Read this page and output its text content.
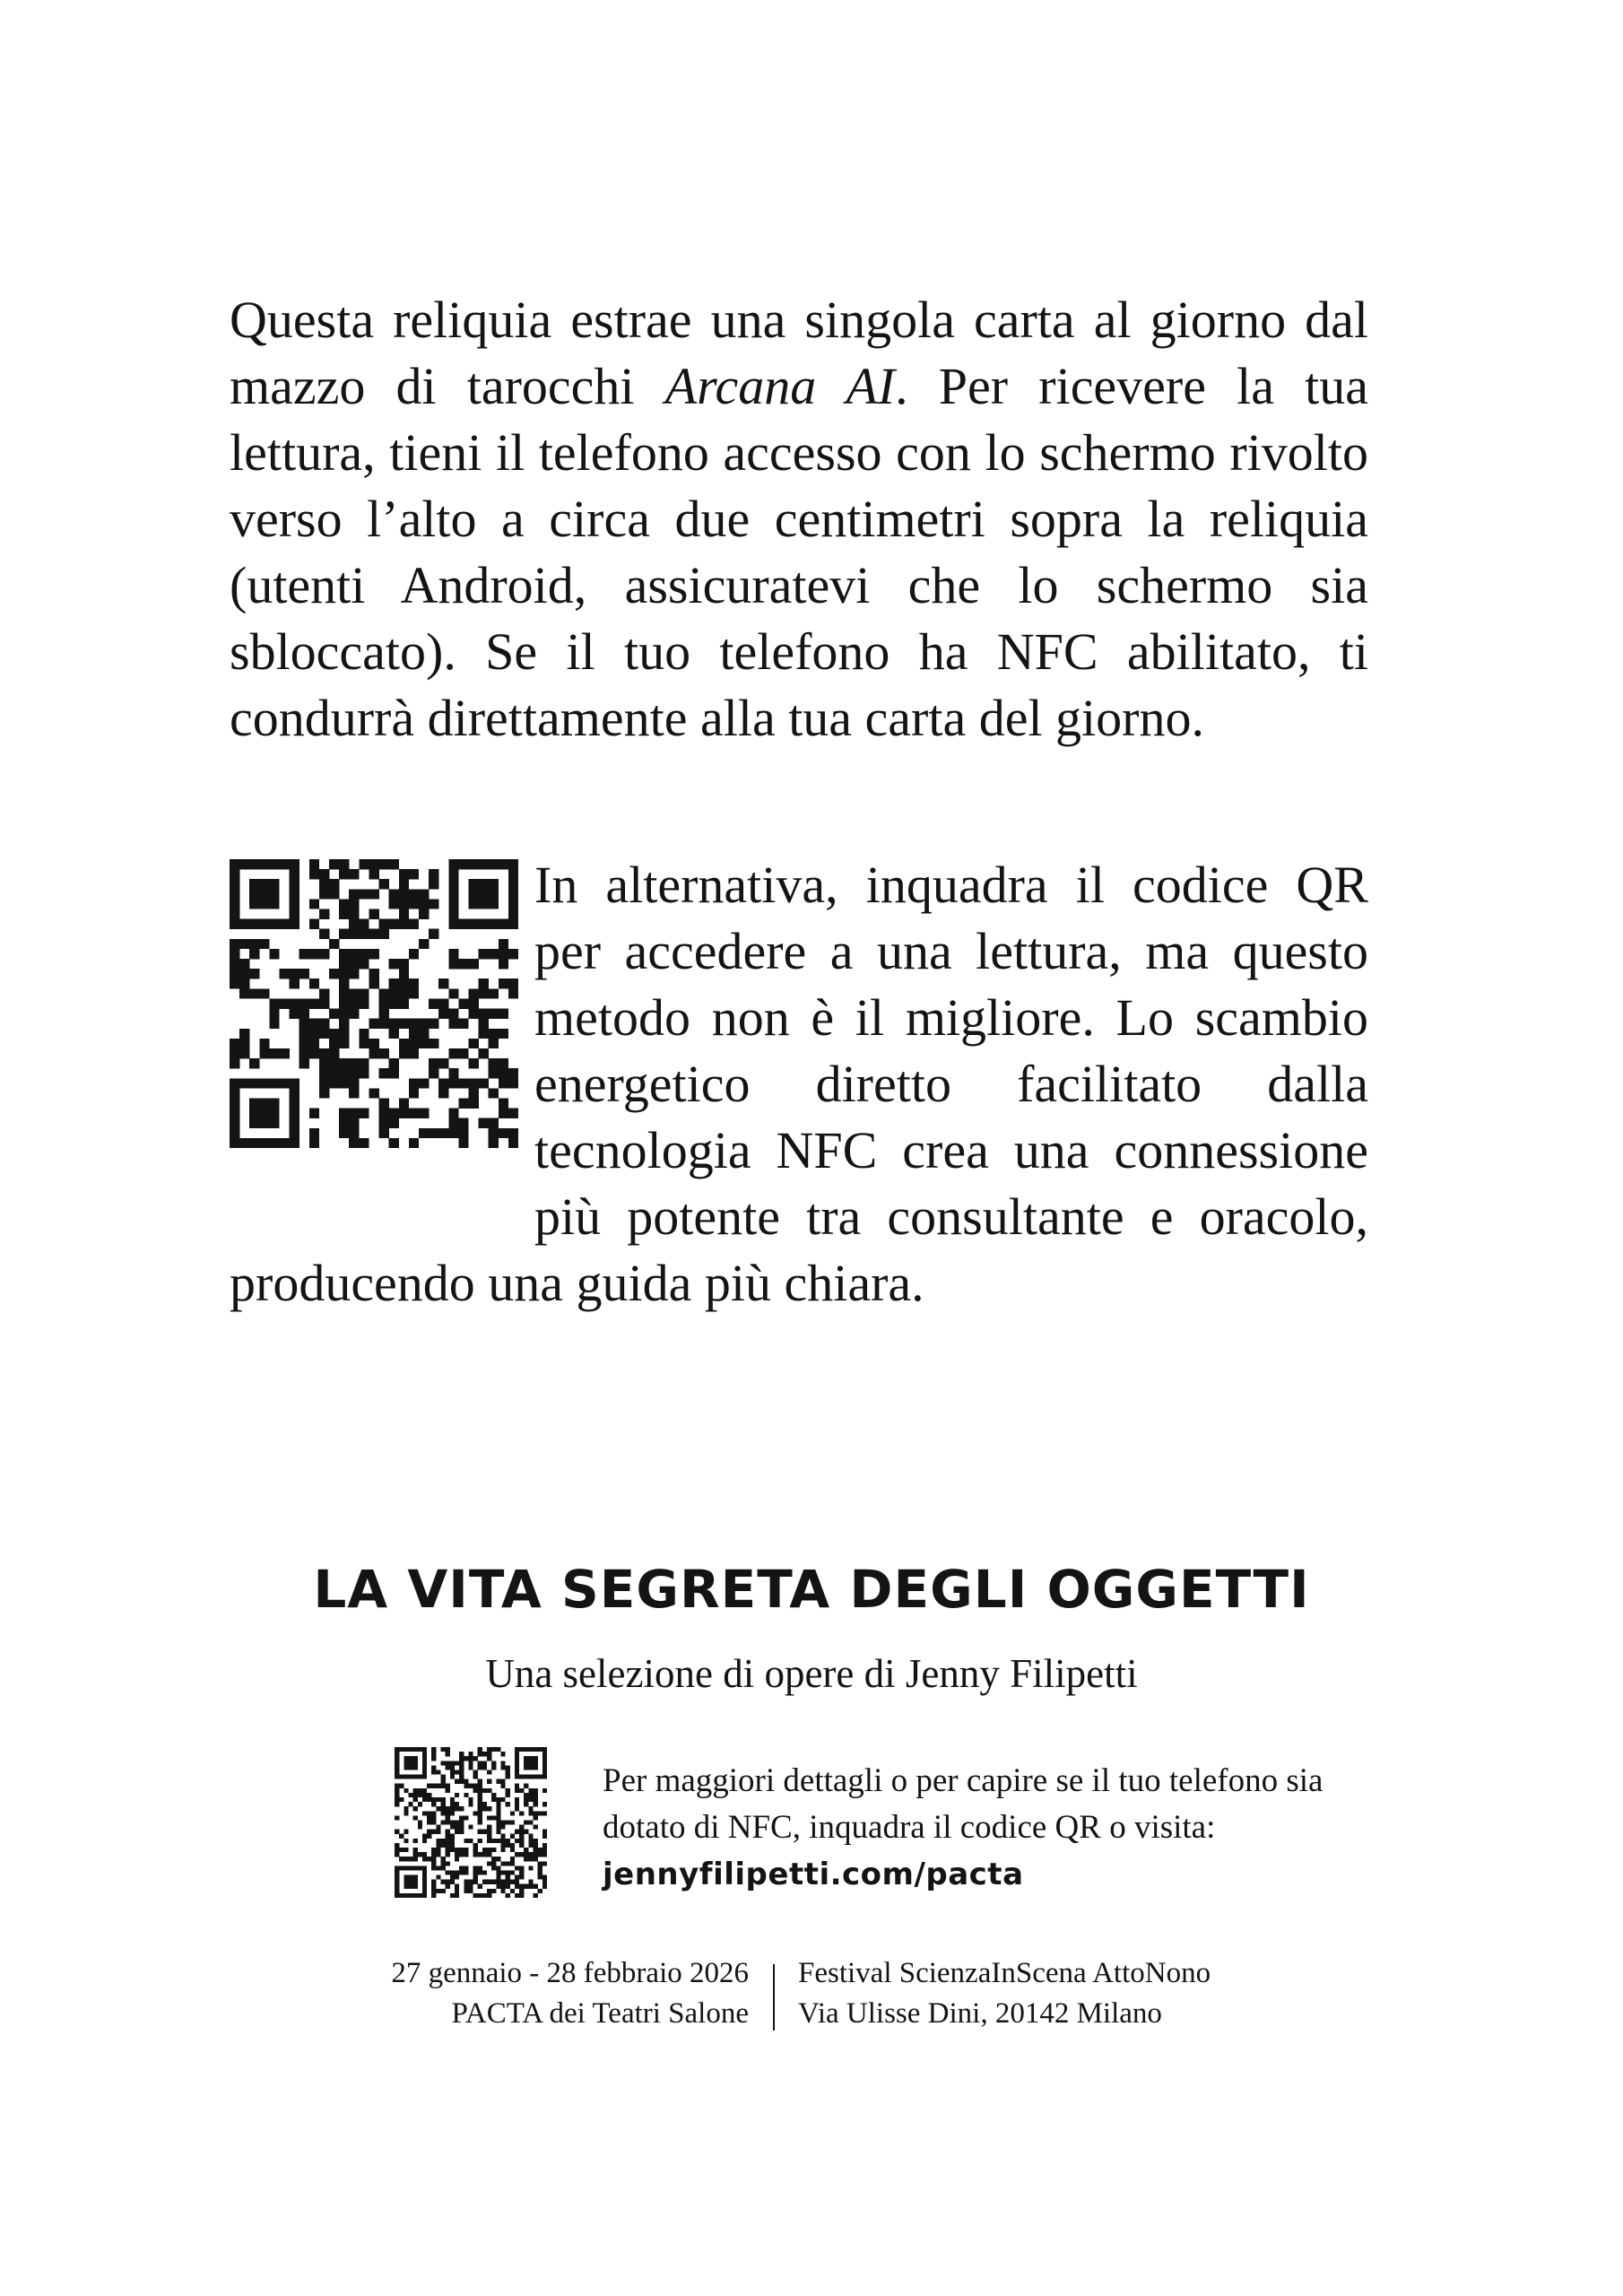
Questa reliquia estrae una singola carta al giorno dal mazzo di tarocchi Arcana AI. Per ricevere la tua lettura, tieni il telefono accesso con lo schermo rivolto verso l’alto a circa due centimetri sopra la reliquia (utenti Android, assicuratevi che lo schermo sia sbloccato). Se il tuo telefono ha NFC abilitato, ti condurrà direttamente alla tua carta del giorno.

In alternativa, inquadra il codice QR per accedere a una lettura, ma questo metodo non è il migliore. Lo scambio energetico diretto facilitato dalla tecnologia NFC crea una connessione più potente tra consultante e oracolo, producendo una guida più chiara.
LA VITA SEGRETA DEGLI OGGETTI

Una selezione di opere di Jenny Filipetti

Per maggiori dettagli o per capire se il tuo telefono sia dotato di NFC, inquadra il codice QR o visita: jennyfilipetti.com/pacta

27 gennaio - 28 febbraio 2026
PACTA dei Teatri Salone

Festival ScienzaInScena AttoNono
Via Ulisse Dini, 20142 Milano
